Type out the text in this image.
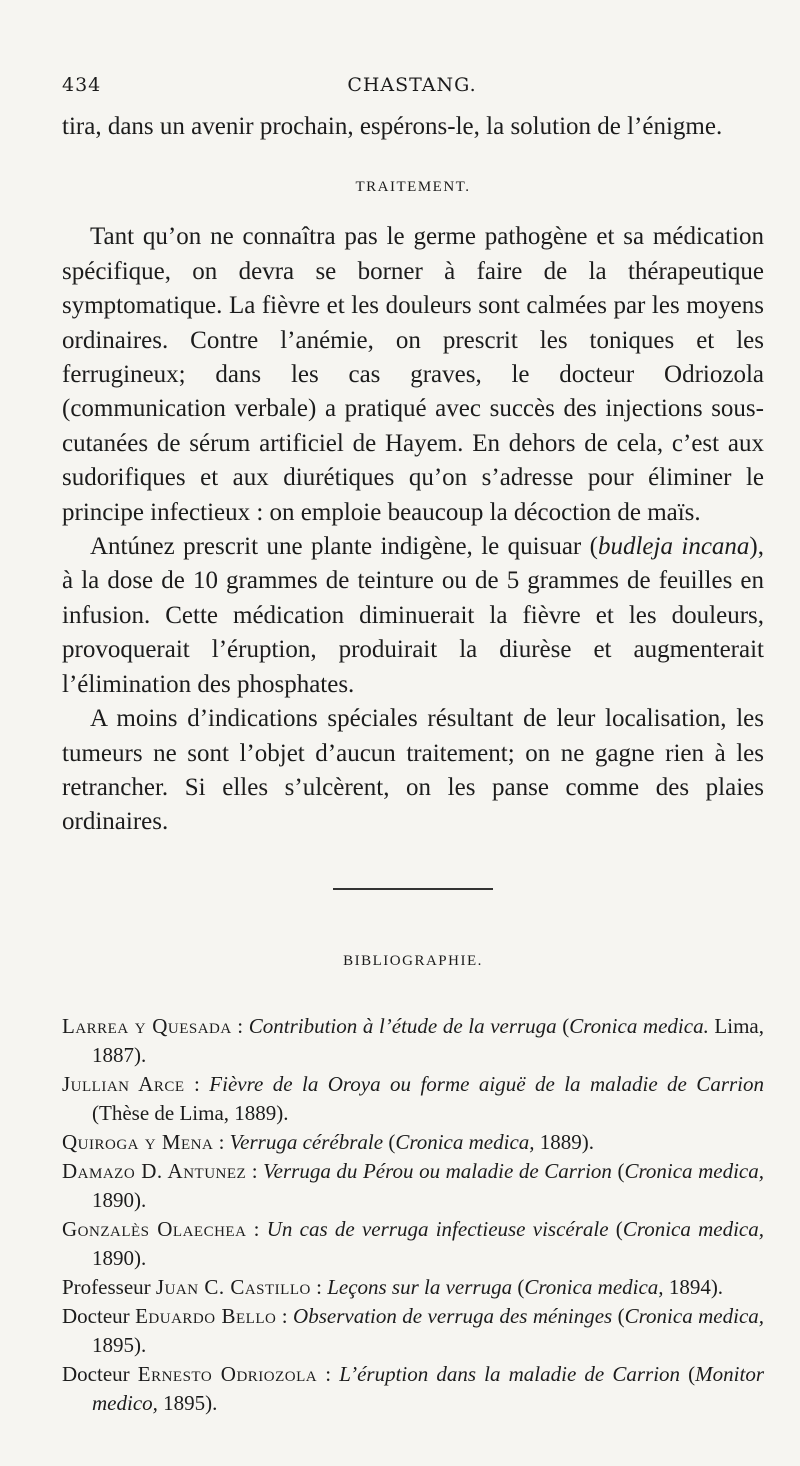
434	CHASTANG.

tira, dans un avenir prochain, espérons-le, la solution de l’énigme.

TRAITEMENT.

Tant qu’on ne connaîtra pas le germe pathogène et sa médication spécifique, on devra se borner à faire de la thérapeutique symptomatique. La fièvre et les douleurs sont calmées par les moyens ordinaires. Contre l’anémie, on prescrit les toniques et les ferrugineux; dans les cas graves, le docteur Odriozola (communication verbale) a pratiqué avec succès des injections sous-cutanées de sérum artificiel de Hayem. En dehors de cela, c’est aux sudorifiques et aux diurétiques qu’on s’adresse pour éliminer le principe infectieux : on emploie beaucoup la décoction de maïs.

Antúnez prescrit une plante indigène, le quisuar (budleja incana), à la dose de 10 grammes de teinture ou de 5 grammes de feuilles en infusion. Cette médication diminuerait la fièvre et les douleurs, provoquerait l’éruption, produirait la diurèse et augmenterait l’élimination des phosphates.

A moins d’indications spéciales résultant de leur localisation, les tumeurs ne sont l’objet d’aucun traitement; on ne gagne rien à les retrancher. Si elles s’ulcèrent, on les panse comme des plaies ordinaires.

BIBLIOGRAPHIE.

Larrea y Quesada : Contribution à l’étude de la verruga (Cronica medica. Lima, 1887).

Jullian Arce : Fièvre de la Oroya ou forme aiguë de la maladie de Carrion (Thèse de Lima, 1889).

Quiroga y Mena : Verruga cérébrale (Cronica medica, 1889).

Damazo D. Antunez : Verruga du Pérou ou maladie de Carrion (Cronica medica, 1890).

Gonzalès Olaechea : Un cas de verruga infectieuse viscérale (Cronica medica, 1890).

Professeur Juan C. Castillo : Leçons sur la verruga (Cronica medica, 1894).

Docteur Eduardo Bello : Observation de verruga des méninges (Cronica medica, 1895).

Docteur Ernesto Odriozola : L’éruption dans la maladie de Carrion (Monitor medico, 1895).
